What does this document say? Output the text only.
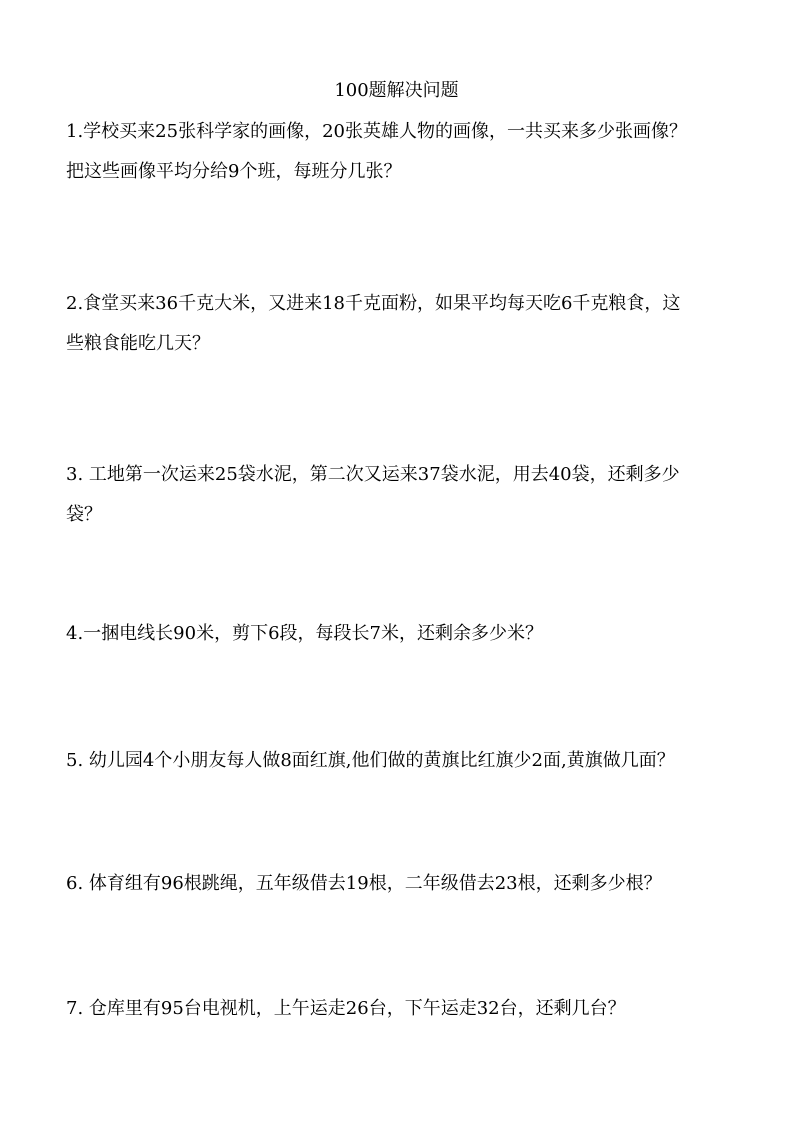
100题解决问题
1.学校买来25张科学家的画像，20张英雄人物的画像，一共买来多少张画像？
把这些画像平均分给9个班，每班分几张？
2.食堂买来36千克大米，又进来18千克面粉，如果平均每天吃6千克粮食，这
些粮食能吃几天？
3. 工地第一次运来25袋水泥，第二次又运来37袋水泥，用去40袋，还剩多少
袋？
4.一捆电线长90米，剪下6段，每段长7米，还剩余多少米？
5. 幼儿园4个小朋友每人做8面红旗,他们做的黄旗比红旗少2面,黄旗做几面？
6. 体育组有96根跳绳，五年级借去19根，二年级借去23根，还剩多少根？
7. 仓库里有95台电视机，上午运走26台，下午运走32台，还剩几台？
